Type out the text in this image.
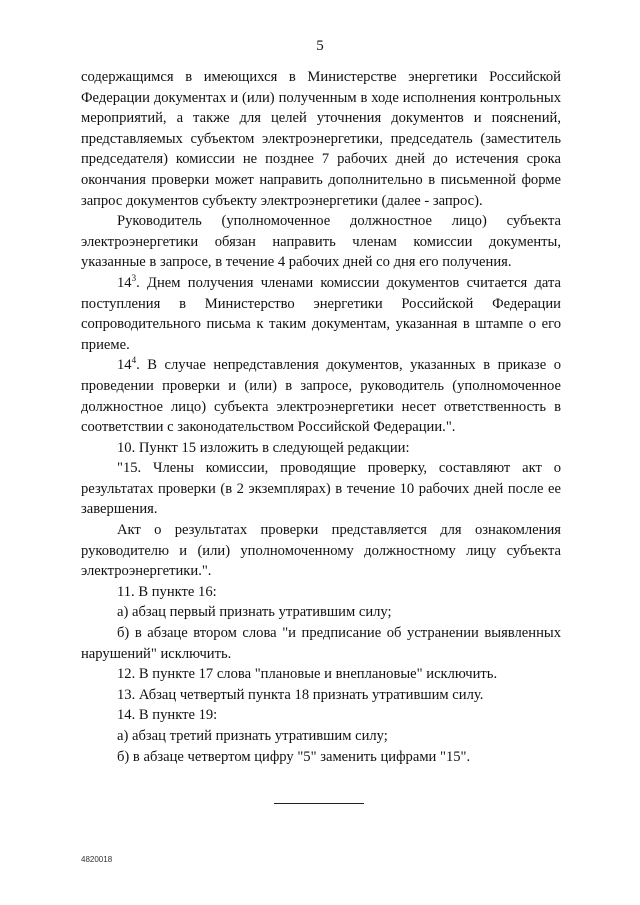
5

содержащимся в имеющихся в Министерстве энергетики Российской Федерации документах и (или) полученным в ходе исполнения контрольных мероприятий, а также для целей уточнения документов и пояснений, представляемых субъектом электроэнергетики, председатель (заместитель председателя) комиссии не позднее 7 рабочих дней до истечения срока окончания проверки может направить дополнительно в письменной форме запрос документов субъекту электроэнергетики (далее - запрос).

Руководитель (уполномоченное должностное лицо) субъекта электроэнергетики обязан направить членам комиссии документы, указанные в запросе, в течение 4 рабочих дней со дня его получения.

$14^3$. Днем получения членами комиссии документов считается дата поступления в Министерство энергетики Российской Федерации сопроводительного письма к таким документам, указанная в штампе о его приеме.

$14^4$. В случае непредставления документов, указанных в приказе о проведении проверки и (или) в запросе, руководитель (уполномоченное должностное лицо) субъекта электроэнергетики несет ответственность в соответствии с законодательством Российской Федерации.".

10. Пункт 15 изложить в следующей редакции:

"15. Члены комиссии, проводящие проверку, составляют акт о результатах проверки (в 2 экземплярах) в течение 10 рабочих дней после ее завершения.

Акт о результатах проверки представляется для ознакомления руководителю и (или) уполномоченному должностному лицу субъекта электроэнергетики.".

11. В пункте 16:

а) абзац первый признать утратившим силу;

б) в абзаце втором слова "и предписание об устранении выявленных нарушений" исключить.

12. В пункте 17 слова "плановые и внеплановые" исключить.

13. Абзац четвертый пункта 18 признать утратившим силу.

14. В пункте 19:

а) абзац третий признать утратившим силу;

б) в абзаце четвертом цифру "5" заменить цифрами "15".

4820018
